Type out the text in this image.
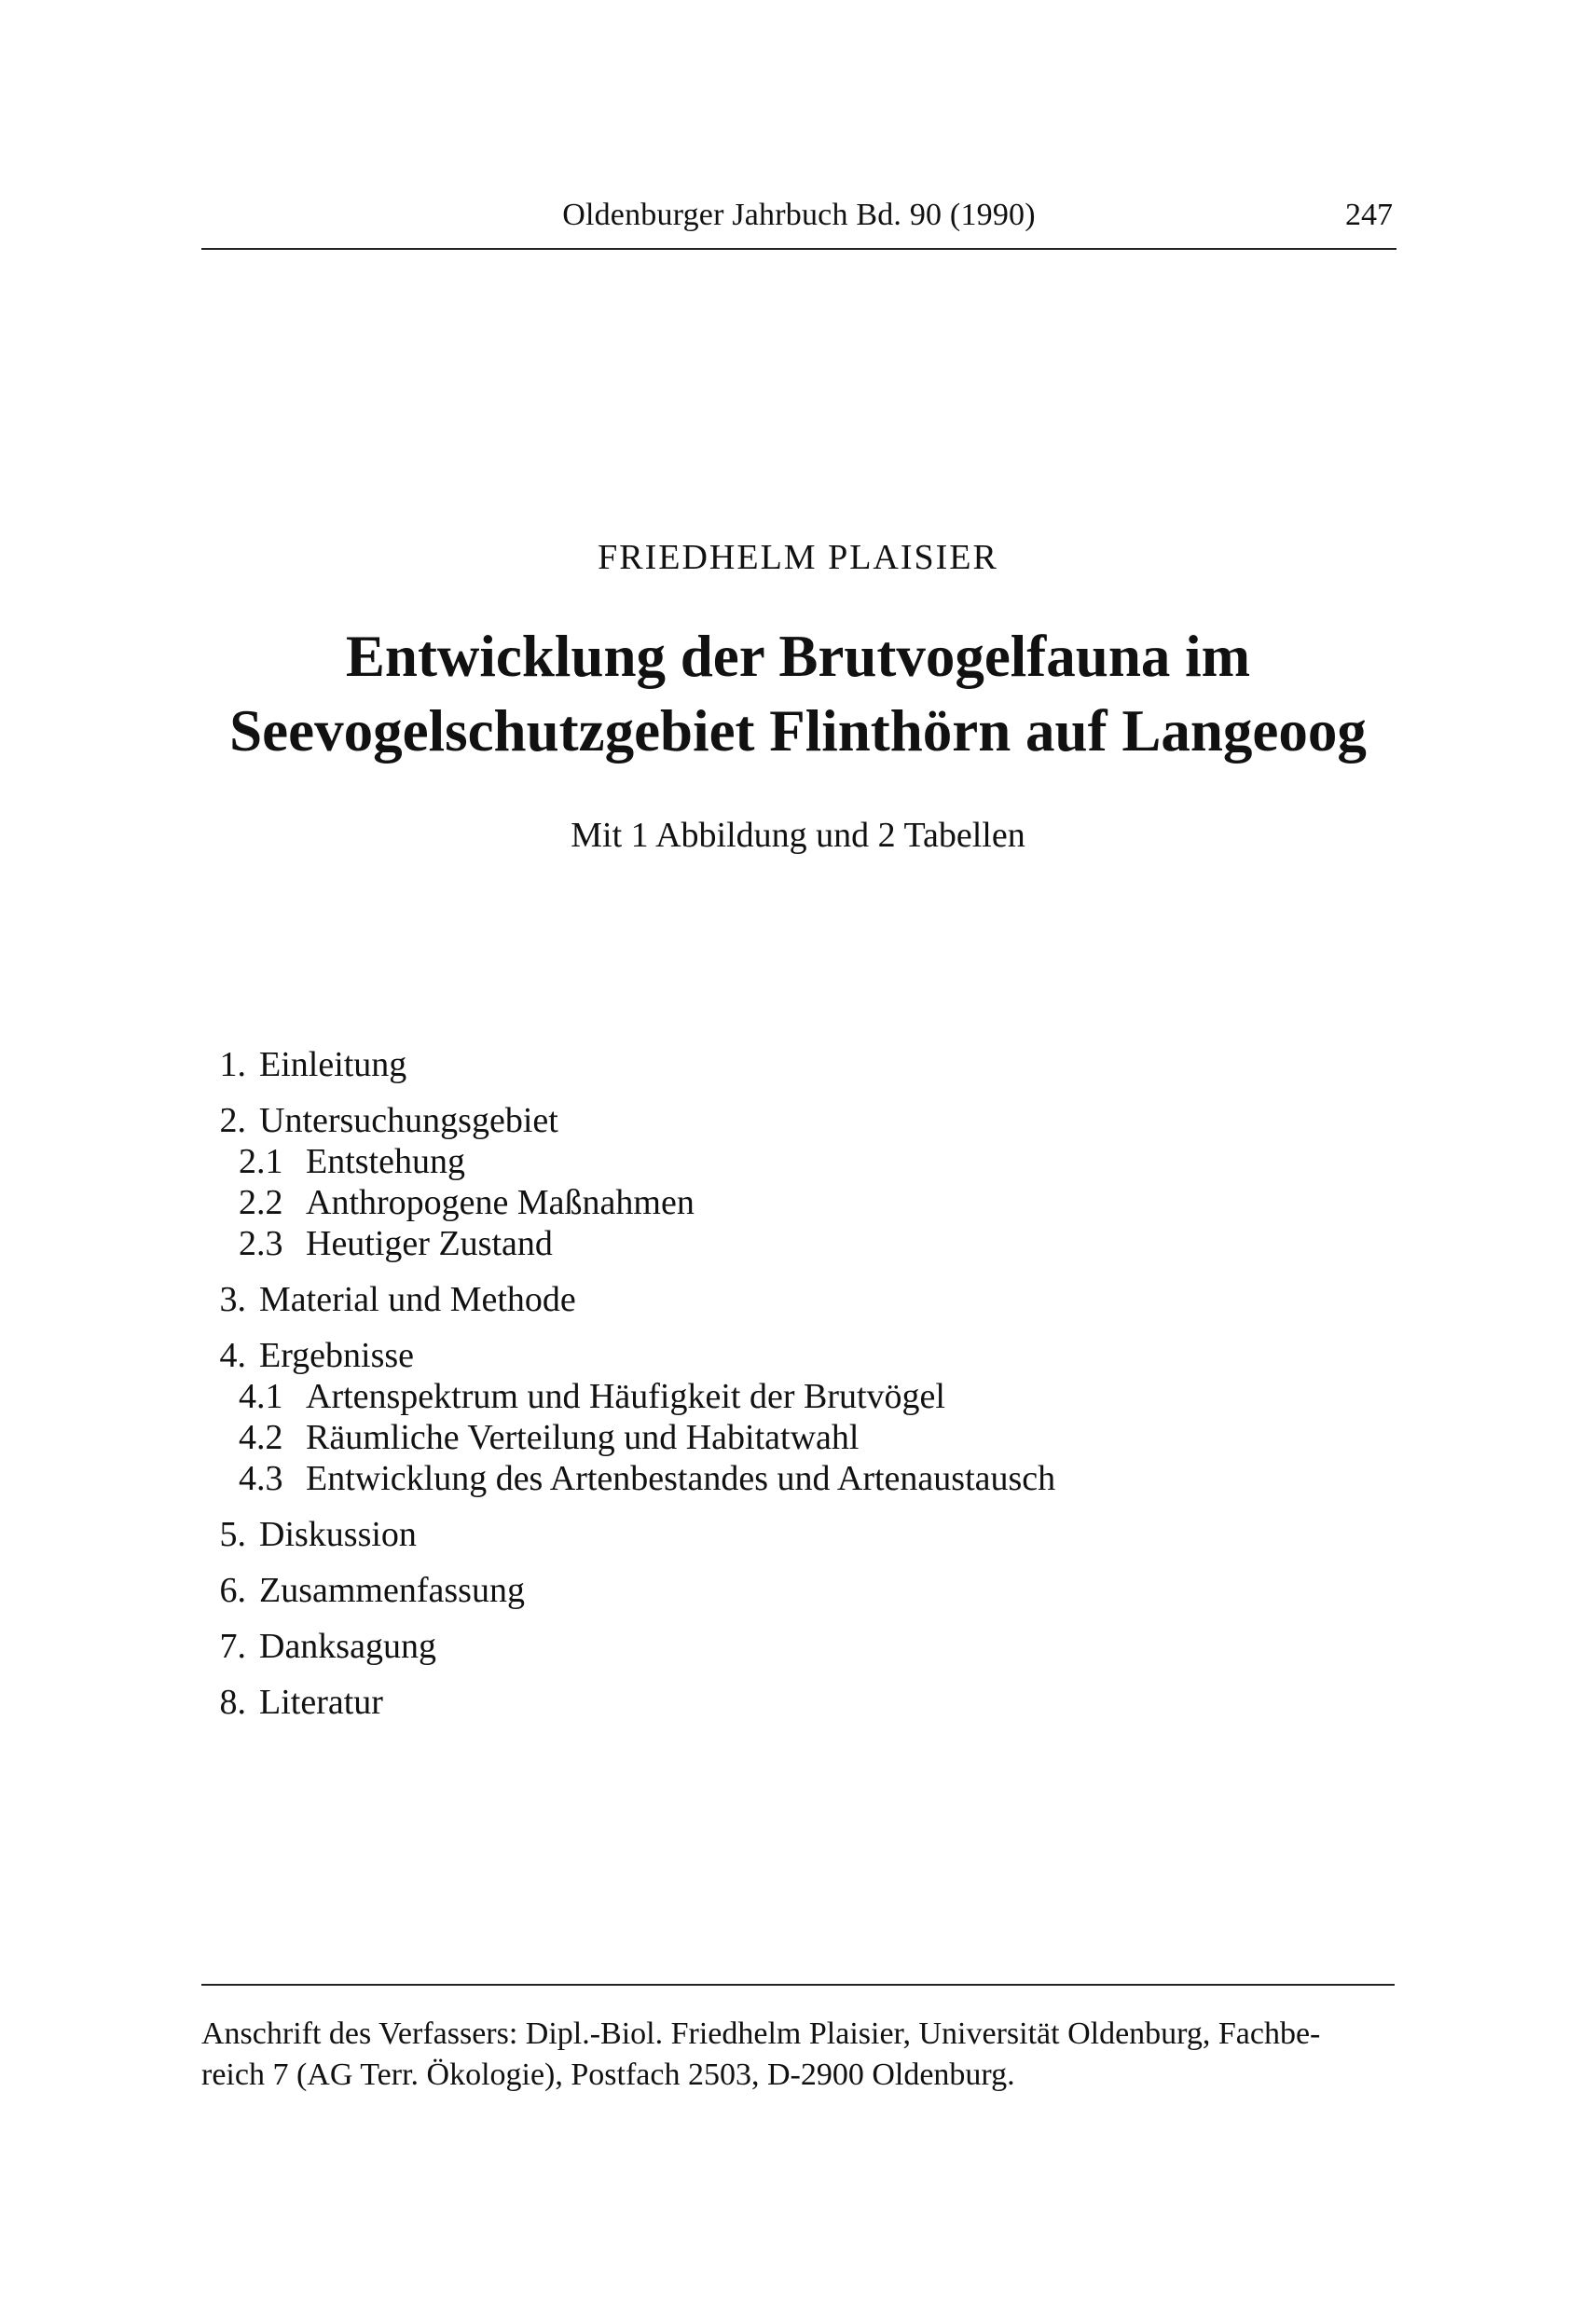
Oldenburger Jahrbuch Bd. 90 (1990)	247
FRIEDHELM PLAISIER
Entwicklung der Brutvogelfauna im
Seevogelschutzgebiet Flinthörn auf Langeoog
Mit 1 Abbildung und 2 Tabellen
1. Einleitung
2. Untersuchungsgebiet
2.1 Entstehung
2.2 Anthropogene Maßnahmen
2.3 Heutiger Zustand
3. Material und Methode
4. Ergebnisse
4.1 Artenspektrum und Häufigkeit der Brutvögel
4.2 Räumliche Verteilung und Habitatwahl
4.3 Entwicklung des Artenbestandes und Artenaustausch
5. Diskussion
6. Zusammenfassung
7. Danksagung
8. Literatur
Anschrift des Verfassers: Dipl.-Biol. Friedhelm Plaisier, Universität Oldenburg, Fachbe-
reich 7 (AG Terr. Ökologie), Postfach 2503, D-2900 Oldenburg.
